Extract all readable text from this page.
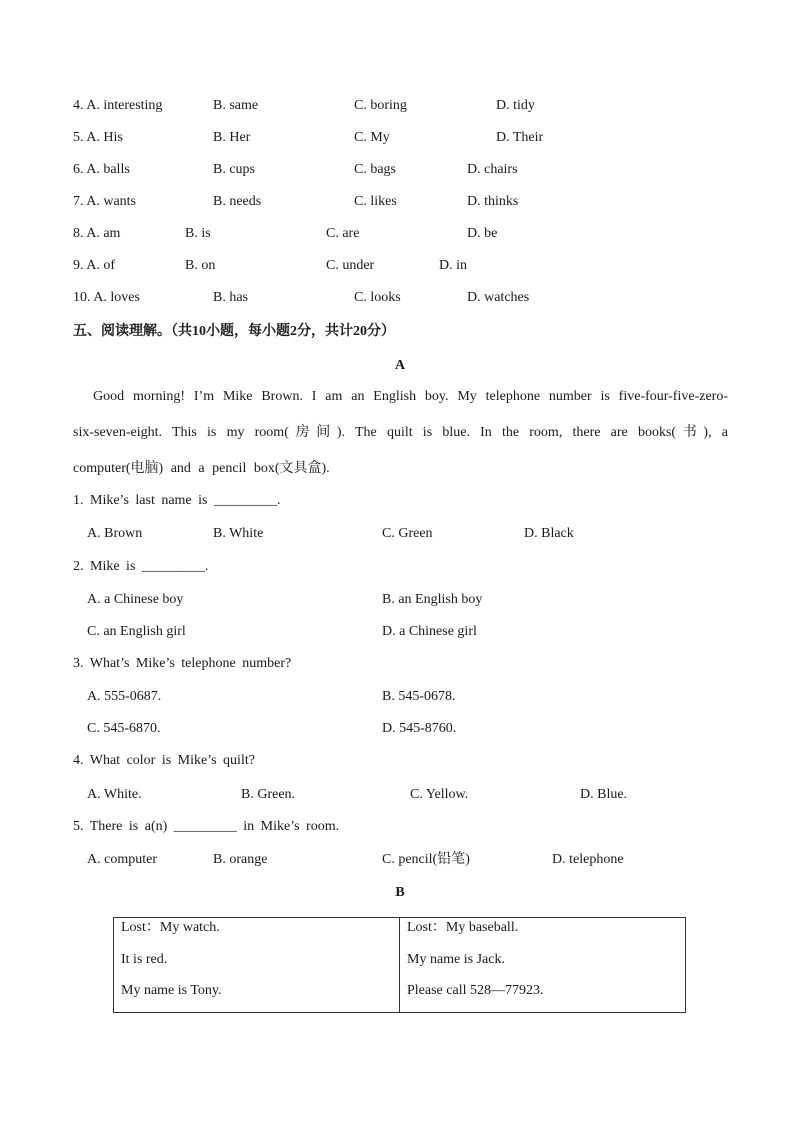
4. A. interesting	B. same	C. boring	D. tidy
5. A. His	B. Her	C. My	D. Their
6. A. balls	B. cups	C. bags	D. chairs
7. A. wants	B. needs	C. likes	D. thinks
8. A. am	B. is	C. are	D. be
9. A. of	B. on	C. under	D. in
10. A. loves	B. has	C. looks	D. watches
五、阅读理解。（共10小题，每小题2分，共计20分）
A
Good morning! I’m Mike Brown. I am an English boy. My telephone number is five-four-five-zero-
six-seven-eight. This is my room(房间). The quilt is blue. In the room, there are books(书), a
computer(电脑) and a pencil box(文具盒).
1. Mike’s last name is _________.
A. Brown	B. White	C. Green	D. Black
2. Mike is _________.
A. a Chinese boy	B. an English boy
C. an English girl	D. a Chinese girl
3. What’s Mike’s telephone number?
A. 555-0687.	B. 545-0678.
C. 545-6870.	D. 545-8760.
4. What color is Mike’s quilt?
A. White.	B. Green.	C. Yellow.	D. Blue.
5. There is a(n) _________ in Mike’s room.
A. computer	B. orange	C. pencil(铅笔)	D. telephone
B
Lost：My watch.
It is red.
My name is Tony.

Lost：My baseball.
My name is Jack.
Please call 528—77923.
